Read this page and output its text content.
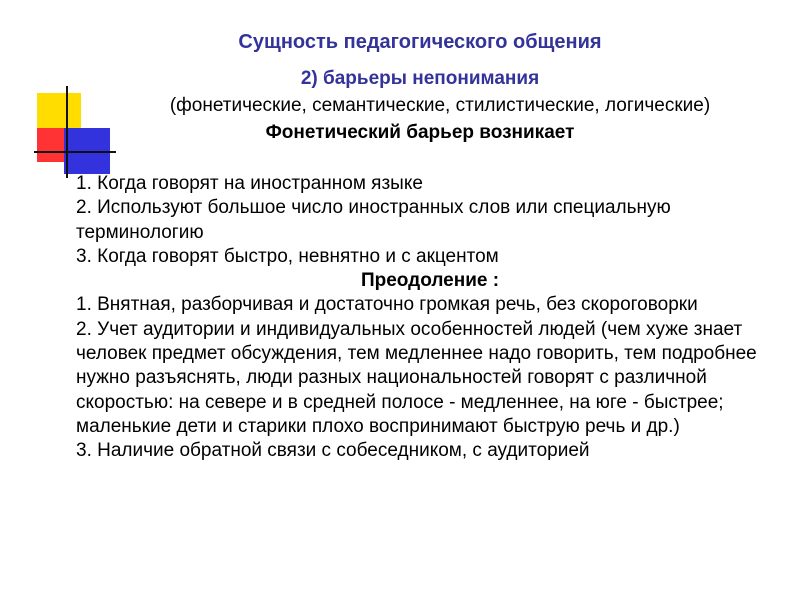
Сущность педагогического общения
2) барьеры непонимания
(фонетические, семантические, стилистические, логические)
Фонетический барьер возникает

1. Когда говорят на иностранном языке

2. Используют большое число иностранных слов или специальную терминологию

3. Когда говорят быстро, невнятно и с акцентом

Преодоление :

1. Внятная, разборчивая и достаточно громкая речь, без скороговорки

2. Учет аудитории и индивидуальных особенностей людей (чем хуже знает человек предмет обсуждения, тем медленнее надо говорить, тем подробнее нужно разъяснять, люди разных национальностей говорят с различной скоростью: на севере и в средней полосе - медленнее, на юге - быстрее; маленькие дети и старики плохо воспринимают быструю речь и др.)

3. Наличие обратной связи с собеседником, с аудиторией
